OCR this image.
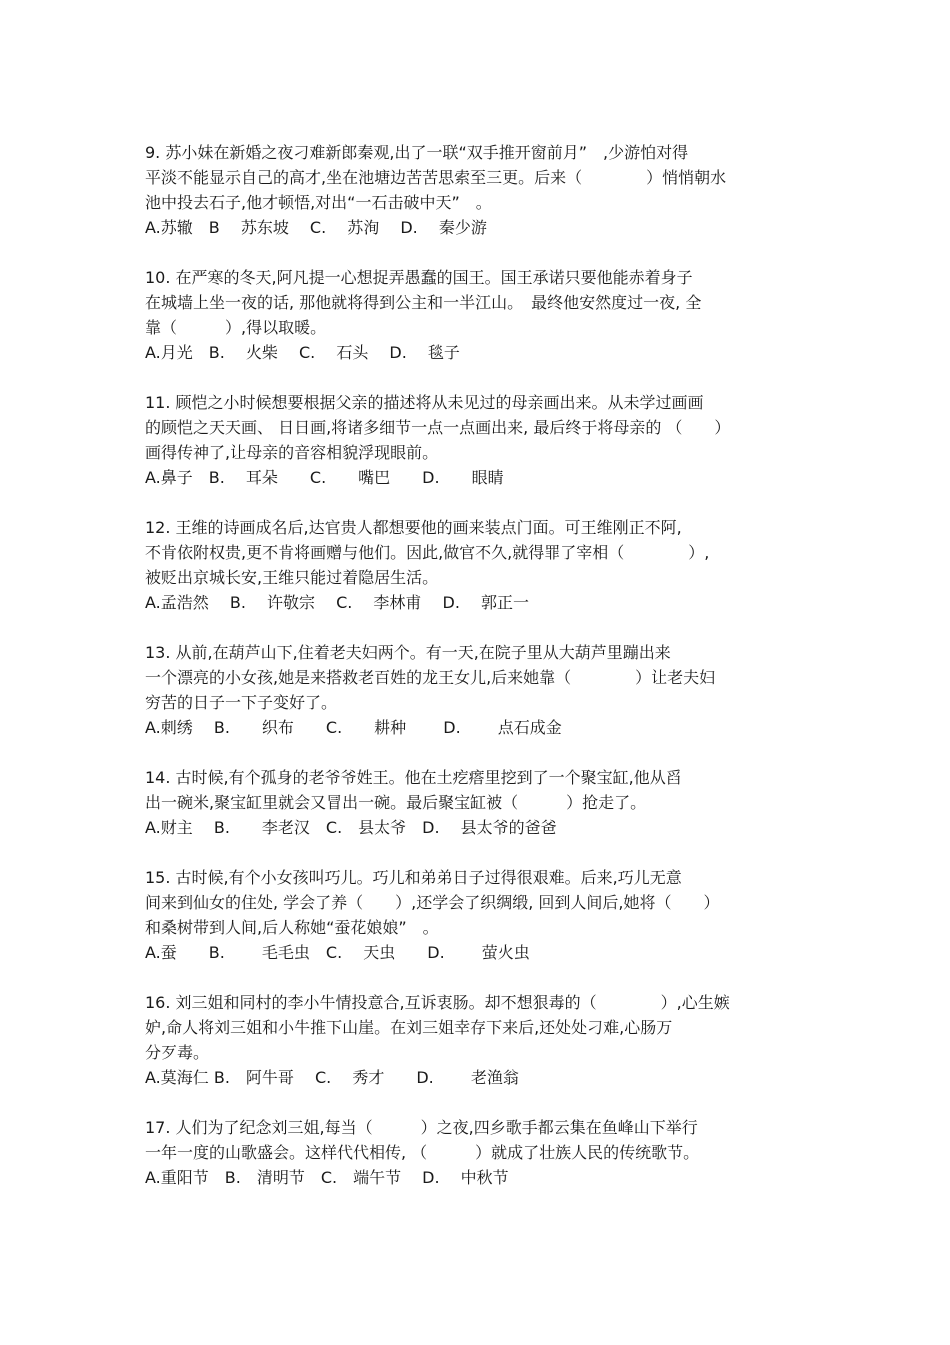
9. 苏小妹在新婚之夜刁难新郎秦观,出了一联“双手推开窗前月”　,少游怕对得
平淡不能显示自己的高才,坐在池塘边苦苦思索至三更。后来（　　　　）悄悄朝水
池中投去石子,他才顿悟,对出“一石击破中天”　。
A.苏辙　B　 苏东坡　 C.　 苏洵　 D.　 秦少游
10. 在严寒的冬天,阿凡提一心想捉弄愚蠢的国王。国王承诺只要他能赤着身子
在城墙上坐一夜的话, 那他就将得到公主和一半江山。　最终他安然度过一夜, 全
靠（　　　）,得以取暖。
A.月光　B.　 火柴　 C.　 石头　 D.　 毯子
11. 顾恺之小时候想要根据父亲的描述将从未见过的母亲画出来。从未学过画画
的顾恺之天天画、 日日画,将诸多细节一点一点画出来, 最后终于将母亲的 （　　）
画得传神了,让母亲的音容相貌浮现眼前。
A.鼻子　B.　 耳朵　　C.　　嘴巴　　D.　　眼睛
12. 王维的诗画成名后,达官贵人都想要他的画来装点门面。可王维刚正不阿,
不肯依附权贵,更不肯将画赠与他们。因此,做官不久,就得罪了宰相（　　　　）,
被贬出京城长安,王维只能过着隐居生活。
A.孟浩然　 B.　 许敬宗　 C.　 李林甫　 D.　 郭正一
13. 从前,在葫芦山下,住着老夫妇两个。有一天,在院子里从大葫芦里蹦出来
一个漂亮的小女孩,她是来搭救老百姓的龙王女儿,后来她靠（　　　　）让老夫妇
穷苦的日子一下子变好了。
A.刺绣　 B.　　织布　　C.　　耕种　　 D.　　 点石成金
14. 古时候,有个孤身的老爷爷姓王。他在土疙瘩里挖到了一个聚宝缸,他从舀
出一碗米,聚宝缸里就会又冒出一碗。最后聚宝缸被（　　　）抢走了。
A.财主　 B.　　李老汉　C.　县太爷　D.　 县太爷的爸爸
15. 古时候,有个小女孩叫巧儿。巧儿和弟弟日子过得很艰难。后来,巧儿无意
间来到仙女的住处, 学会了养（　　）,还学会了织绸缎, 回到人间后,她将（　　）
和桑树带到人间,后人称她“蚕花娘娘”　。
A.蚕　　B.　　 毛毛虫　C.　 天虫　　D.　　 萤火虫
16. 刘三姐和同村的李小牛情投意合,互诉衷肠。却不想狠毒的（　　　　）,心生嫉
妒,命人将刘三姐和小牛推下山崖。在刘三姐幸存下来后,还处处刁难,心肠万
分歹毒。
A.莫海仁 B.　阿牛哥　 C.　 秀才　　D.　　 老渔翁
17. 人们为了纪念刘三姐,每当（　　　）之夜,四乡歌手都云集在鱼峰山下举行
一年一度的山歌盛会。这样代代相传, （　　　）就成了壮族人民的传统歌节。
A.重阳节　B.　清明节　C.　端午节　 D.　 中秋节
